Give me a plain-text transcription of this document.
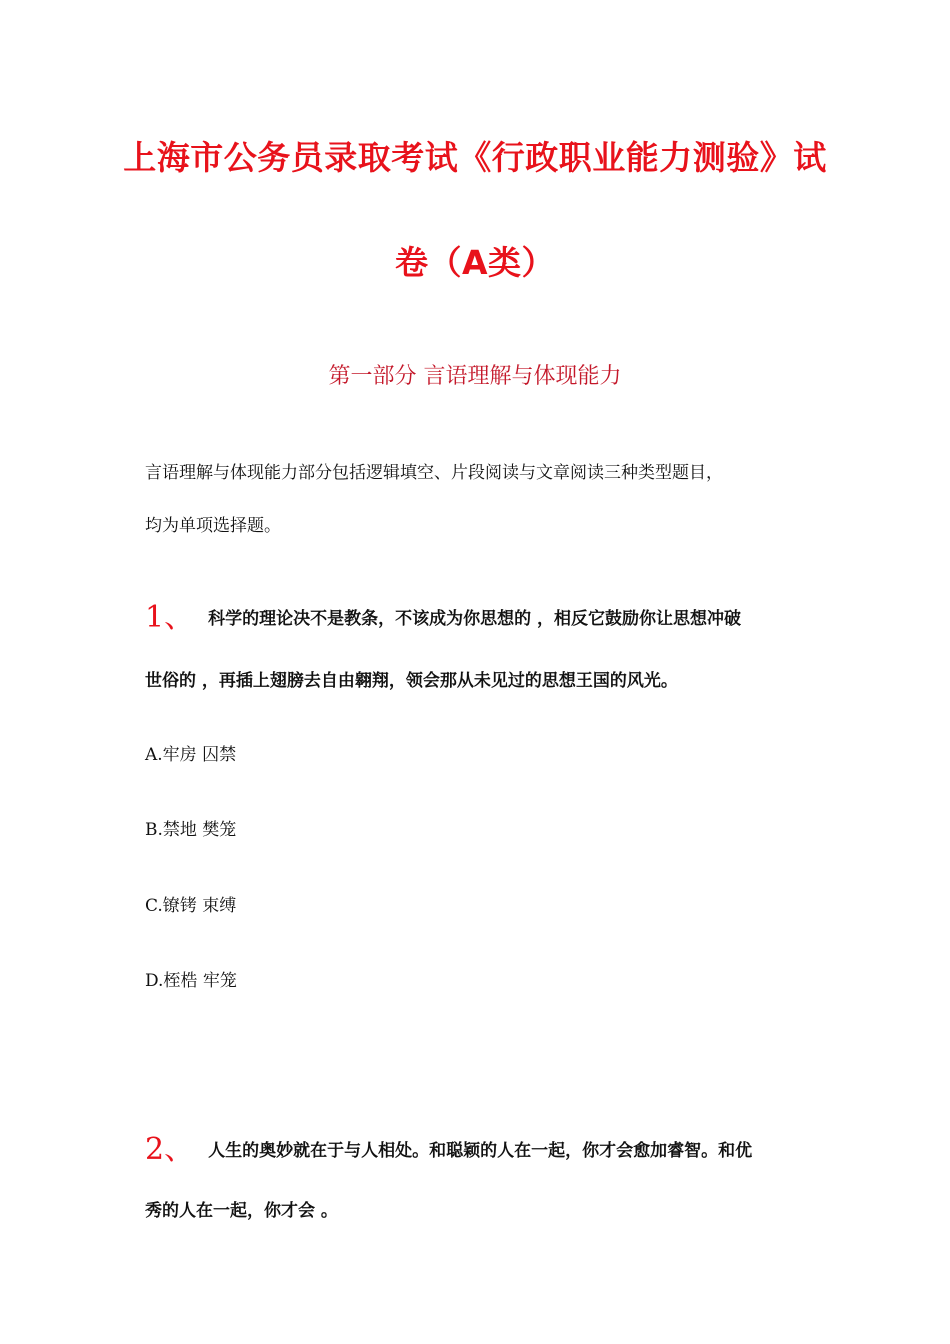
上海市公务员录取考试《行政职业能力测验》试
卷（A类）
第一部分 言语理解与体现能力
言语理解与体现能力部分包括逻辑填空、片段阅读与文章阅读三种类型题目，
均为单项选择题。
1、 科学的理论决不是教条，不该成为你思想的 ，相反它鼓励你让思想冲破
世俗的 ，再插上翅膀去自由翱翔，领会那从未见过的思想王国的风光。
A.牢房 囚禁
B.禁地 樊笼
C.镣铐 束缚
D.桎梏 牢笼
2、 人生的奥妙就在于与人相处。和聪颖的人在一起，你才会愈加睿智。和优
秀的人在一起，你才会 。
